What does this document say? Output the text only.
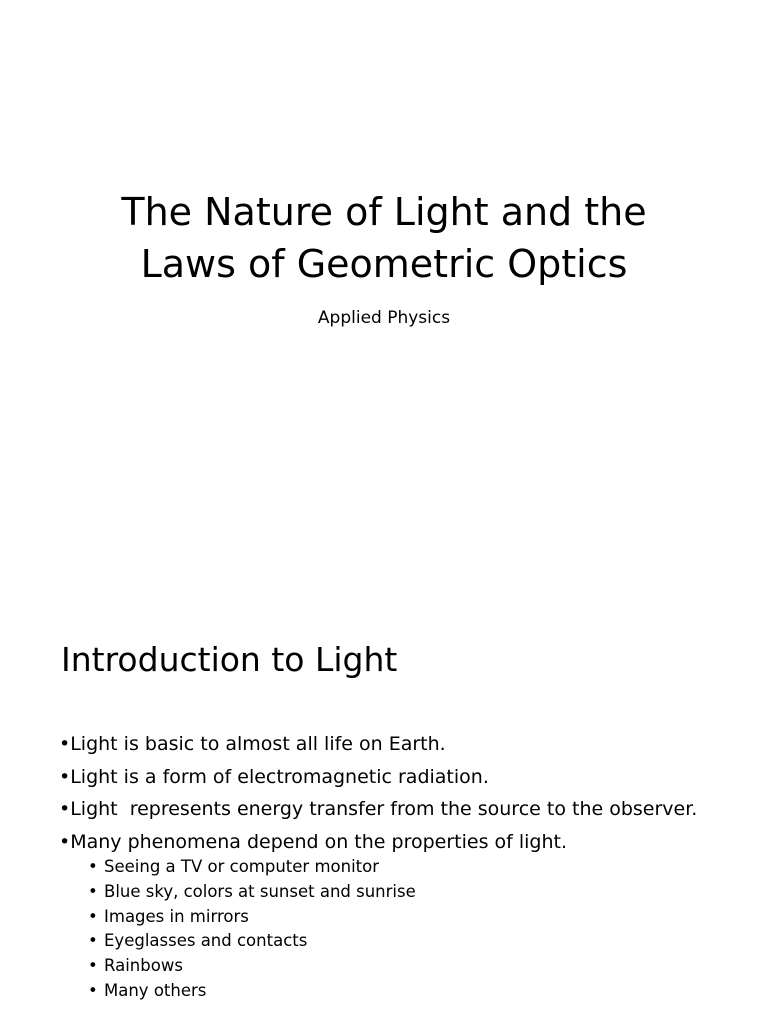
The Nature of Light and the
Laws of Geometric Optics

Applied Physics

Introduction to Light
•Light is basic to almost all life on Earth.
•Light is a form of electromagnetic radiation.
•Light  represents energy transfer from the source to the observer.
•Many phenomena depend on the properties of light.
• Seeing a TV or computer monitor
• Blue sky, colors at sunset and sunrise
• Images in mirrors
• Eyeglasses and contacts
• Rainbows
• Many others
